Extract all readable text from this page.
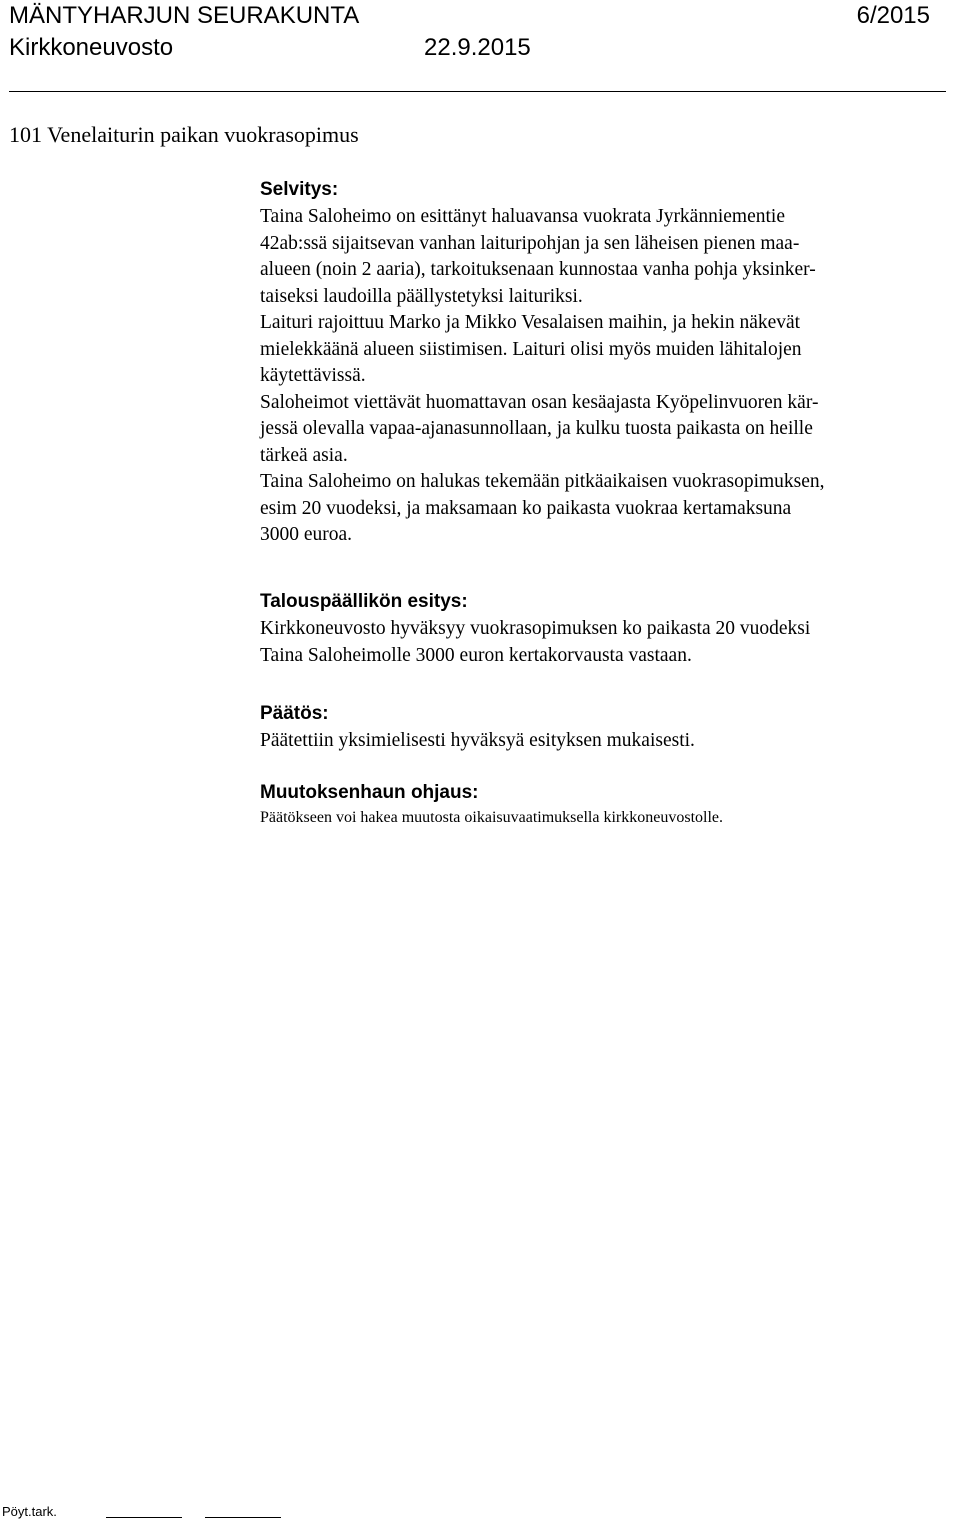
MÄNTYHARJUN SEURAKUNTA	6/2015
Kirkkoneuvosto	22.9.2015
101 Venelaiturin paikan vuokrasopimus

Selvitys:

Taina Saloheimo on esittänyt haluavansa vuokrata Jyrkänniementie

42ab:ssä sijaitsevan vanhan laituripohjan ja sen läheisen pienen maa-

alueen (noin 2 aaria), tarkoituksenaan kunnostaa vanha pohja yksinker-

taiseksi laudoilla päällystetyksi laituriksi.

Laituri rajoittuu Marko ja Mikko Vesalaisen maihin, ja hekin näkevät

mielekkäänä alueen siistimisen. Laituri olisi myös muiden lähitalojen

käytettävissä.

Saloheimot viettävät huomattavan osan kesäajasta Kyöpelinvuoren kär-

jessä olevalla vapaa-ajanasunnollaan, ja kulku tuosta paikasta on heille

tärkeä asia.

Taina Saloheimo on halukas tekemään pitkäaikaisen vuokrasopimuksen,

esim 20 vuodeksi, ja maksamaan ko paikasta vuokraa kertamaksuna

3000 euroa.

Talouspäällikön esitys:

Kirkkoneuvosto hyväksyy vuokrasopimuksen ko paikasta 20 vuodeksi

Taina Saloheimolle 3000 euron kertakorvausta vastaan.

Päätös:

Päätettiin yksimielisesti hyväksyä esityksen mukaisesti.

Muutoksenhaun ohjaus:

Päätökseen voi hakea muutosta oikaisuvaatimuksella kirkkoneuvostolle.

Pöyt.tark.
